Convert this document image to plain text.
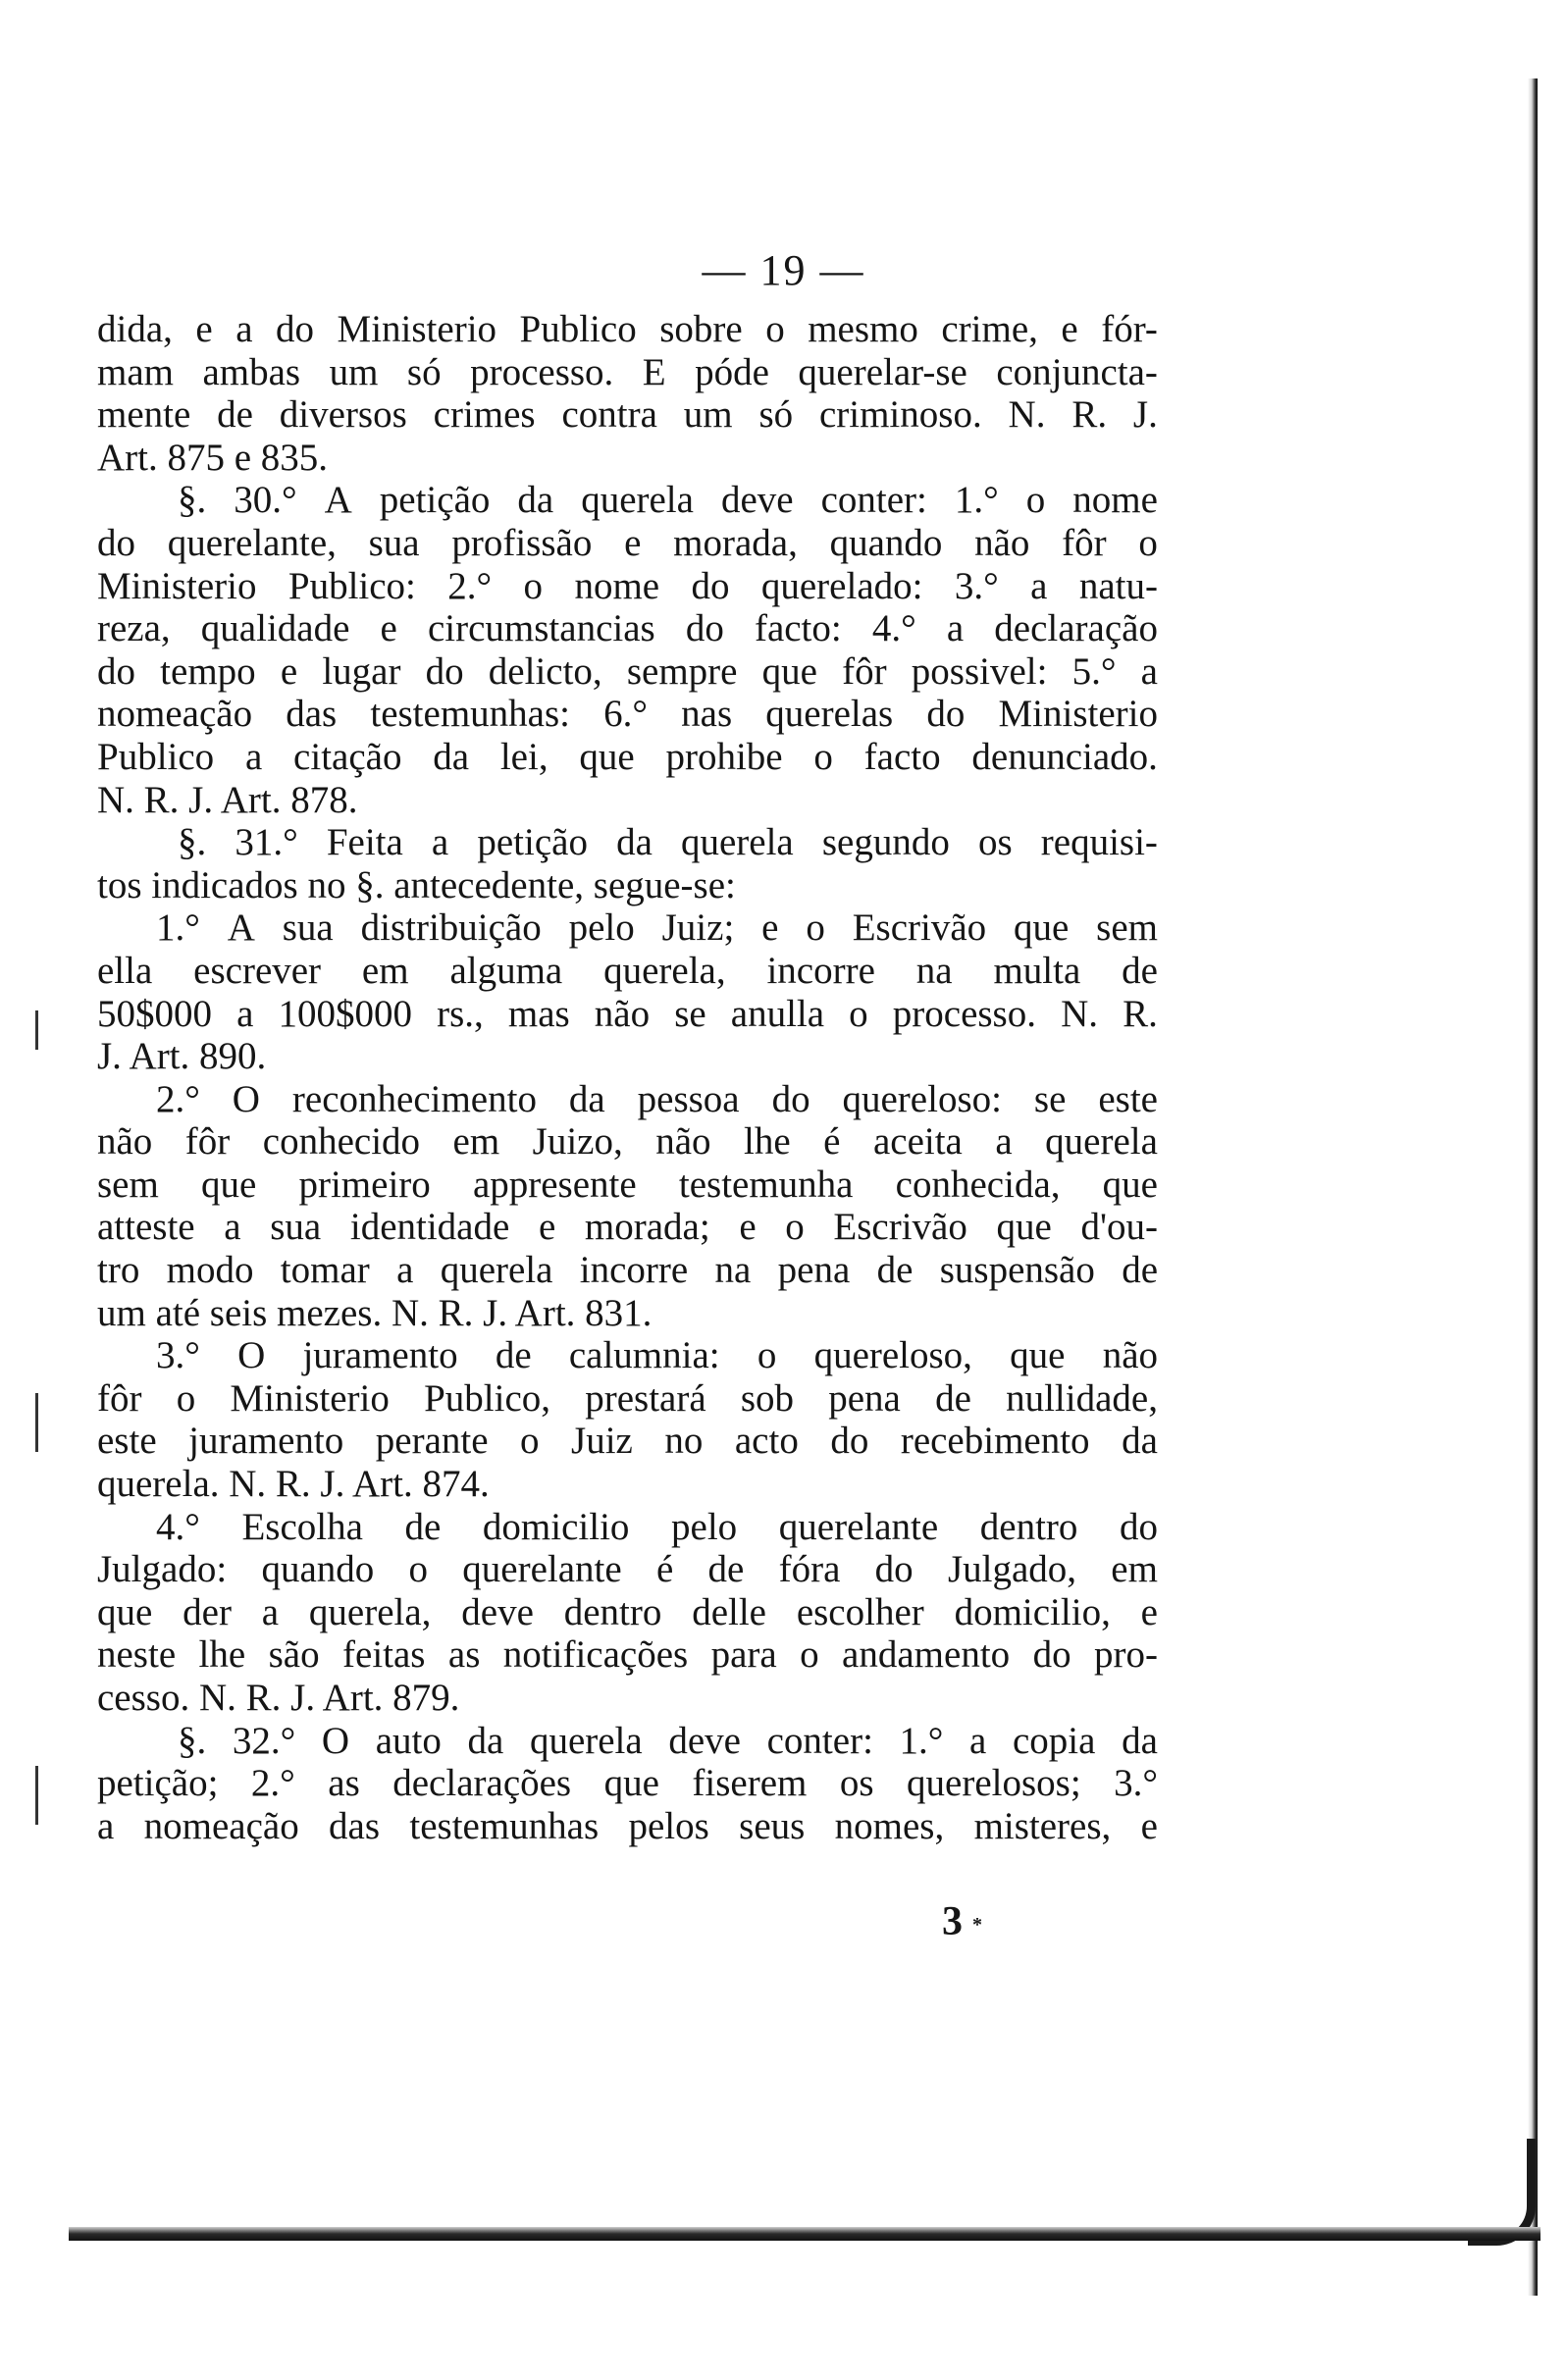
— 19 —
dida, e a do Ministerio Publico sobre o mesmo crime, e fór-
mam ambas um só processo. E póde querelar-se conjuncta-
mente de diversos crimes contra um só criminoso. N. R. J.
Art. 875 e 835.
§. 30.° A petição da querela deve conter: 1.° o nome
do querelante, sua profissão e morada, quando não fôr o
Ministerio Publico: 2.° o nome do querelado: 3.° a natu-
reza, qualidade e circumstancias do facto: 4.° a declaração
do tempo e lugar do delicto, sempre que fôr possivel: 5.° a
nomeação das testemunhas: 6.° nas querelas do Ministerio
Publico a citação da lei, que prohibe o facto denunciado.
N. R. J. Art. 878.
§. 31.° Feita a petição da querela segundo os requisi-
tos indicados no §. antecedente, segue-se:
1.° A sua distribuição pelo Juiz; e o Escrivão que sem
ella escrever em alguma querela, incorre na multa de
50$000 a 100$000 rs., mas não se anulla o processo. N. R.
J. Art. 890.
2.° O reconhecimento da pessoa do quereloso: se este
não fôr conhecido em Juizo, não lhe é aceita a querela
sem que primeiro appresente testemunha conhecida, que
atteste a sua identidade e morada; e o Escrivão que d'ou-
tro modo tomar a querela incorre na pena de suspensão de
um até seis mezes. N. R. J. Art. 831.
3.° O juramento de calumnia: o quereloso, que não
fôr o Ministerio Publico, prestará sob pena de nullidade,
este juramento perante o Juiz no acto do recebimento da
querela. N. R. J. Art. 874.
4.° Escolha de domicilio pelo querelante dentro do
Julgado: quando o querelante é de fóra do Julgado, em
que der a querela, deve dentro delle escolher domicilio, e
neste lhe são feitas as notificações para o andamento do pro-
cesso. N. R. J. Art. 879.
§. 32.° O auto da querela deve conter: 1.° a copia da
petição; 2.° as declarações que fiserem os querelosos; 3.°
a nomeação das testemunhas pelos seus nomes, misteres, e
3 *
